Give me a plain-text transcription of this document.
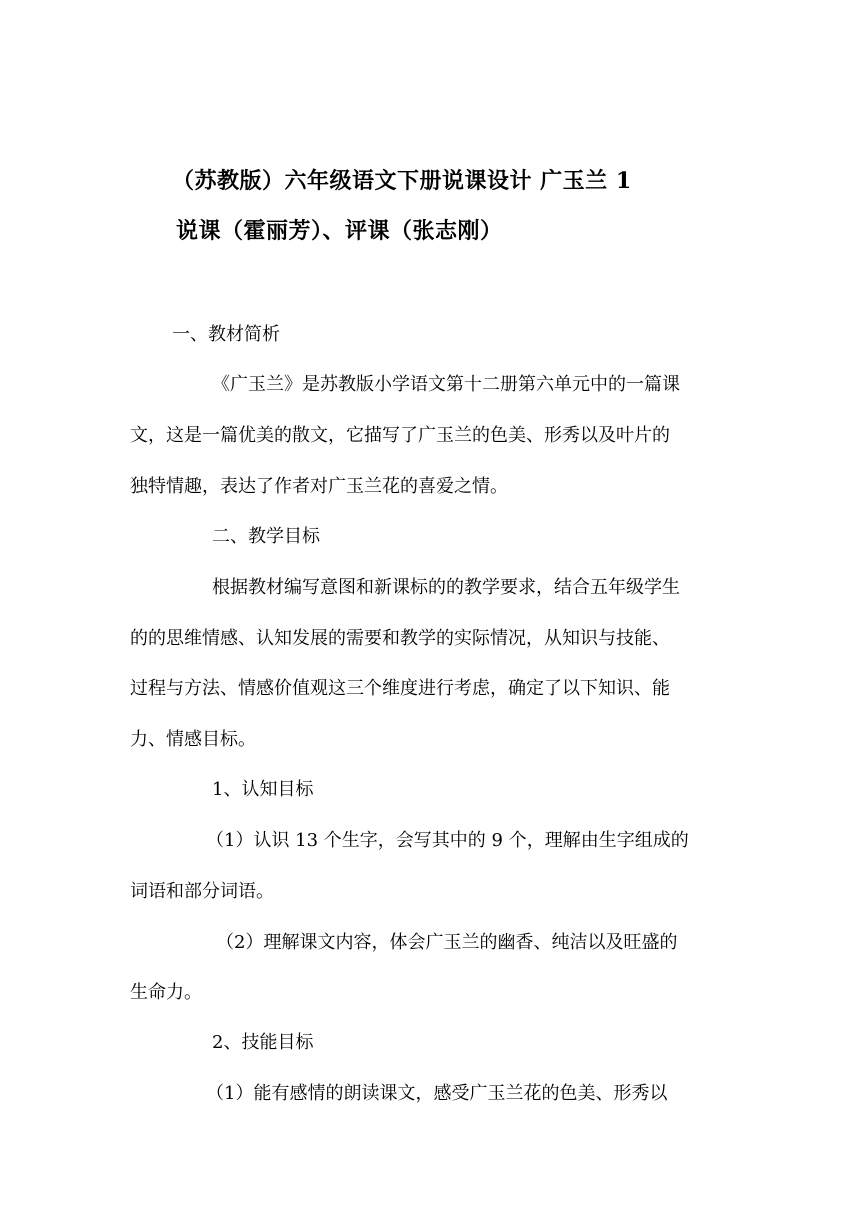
（苏教版）六年级语文下册说课设计 广玉兰 1
说课（霍丽芳）、评课（张志刚）
一、教材简析
《广玉兰》是苏教版小学语文第十二册第六单元中的一篇课
文，这是一篇优美的散文，它描写了广玉兰的色美、形秀以及叶片的
独特情趣，表达了作者对广玉兰花的喜爱之情。
二、教学目标
根据教材编写意图和新课标的的教学要求，结合五年级学生
的的思维情感、认知发展的需要和教学的实际情况，从知识与技能、
过程与方法、情感价值观这三个维度进行考虑，确定了以下知识、能
力、情感目标。
1、认知目标
（1）认识 13 个生字，会写其中的 9 个，理解由生字组成的
词语和部分词语。
（2）理解课文内容，体会广玉兰的幽香、纯洁以及旺盛的
生命力。
2、技能目标
（1）能有感情的朗读课文，感受广玉兰花的色美、形秀以
